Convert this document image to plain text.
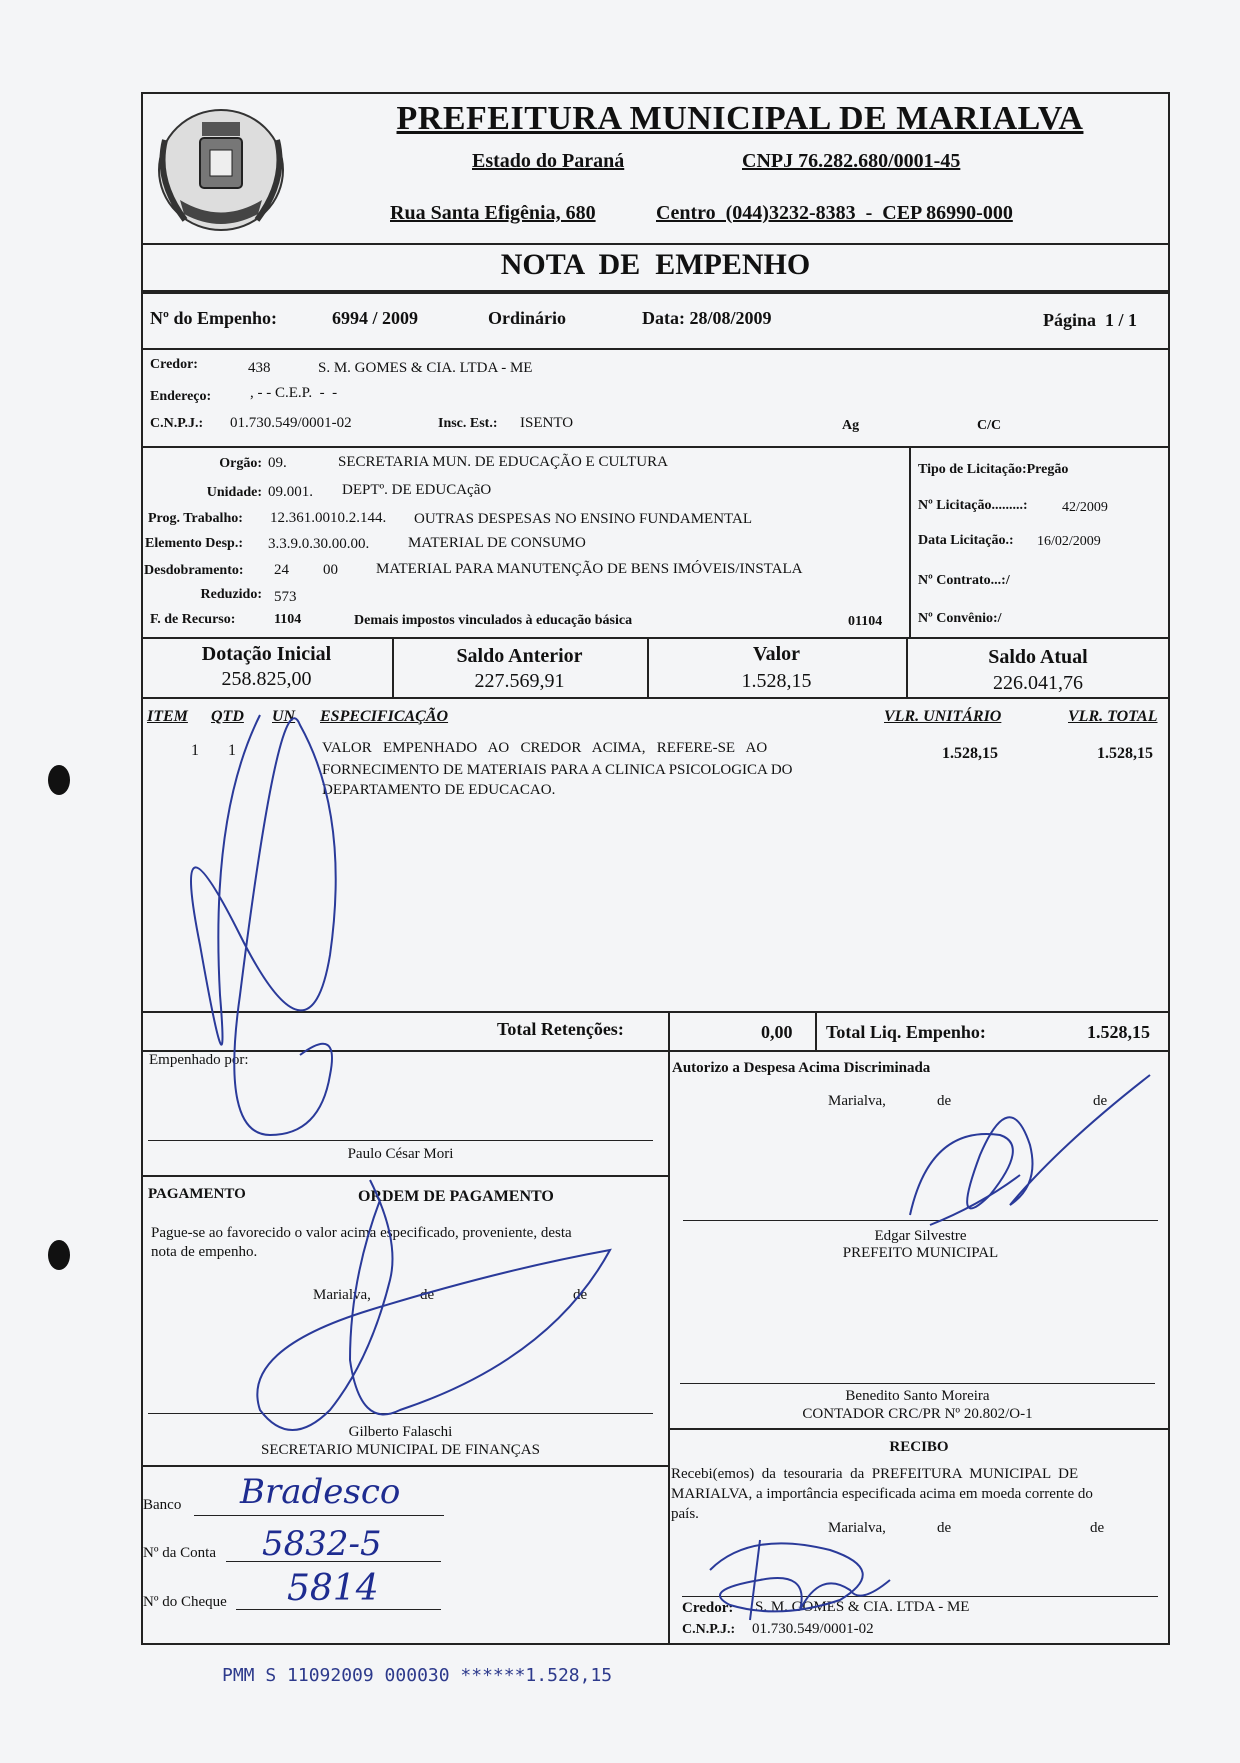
PREFEITURA MUNICIPAL DE MARIALVA
Estado do Paraná	CNPJ 76.282.680/0001-45
Rua Santa Efigênia, 680	Centro  (044)3232-8383  -  CEP 86990-000
NOTA  DE  EMPENHO
Nº do Empenho:	6994 / 2009	Ordinário	Data: 28/08/2009	Página  1 / 1
Credor:	438	S. M. GOMES & CIA. LTDA - ME
Endereço:	, - - C.E.P.  -  -
C.N.P.J.: 01.730.549/0001-02	Insc. Est.: ISENTO	Ag	C/C
Orgão: 09.	SECRETARIA MUN. DE EDUCAÇÃO E CULTURA
Unidade: 09.001. DEPTº. DE EDUCAçãO
Prog. Trabalho: 12.361.0010.2.144. OUTRAS DESPESAS NO ENSINO FUNDAMENTAL
Elemento Desp.: 3.3.9.0.30.00.00.	MATERIAL DE CONSUMO
Desdobramento: 24 00	MATERIAL PARA MANUTENÇÃO DE BENS IMÓVEIS/INSTALA
Reduzido: 573
F. de Recurso:	1104	Demais impostos vinculados à educação básica	01104
Tipo de Licitação:Pregão
Nº Licitação.........: 42/2009
Data Licitação.: 16/02/2009
Nº Contrato...:/
Nº Convênio:/
Dotação Inicial
258.825,00
Saldo Anterior
227.569,91
Valor
1.528,15
Saldo Atual
226.041,76
ITEM QTD UN ESPECIFICAÇÃO	VLR. UNITÁRIO	VLR. TOTAL
1 1	VALOR   EMPENHADO   AO   CREDOR   ACIMA,   REFERE-SE   AO
FORNECIMENTO DE MATERIAIS PARA A CLINICA PSICOLOGICA DO
DEPARTAMENTO DE EDUCACAO.
1.528,15	1.528,15
Total Retenções:	0,00 Total Liq. Empenho:	1.528,15
Empenhado por:
Paulo César Mori
Autorizo a Despesa Acima Discriminada
Marialva,	de	de
Edgar Silvestre
PREFEITO MUNICIPAL
PAGAMENTO	ORDEM DE PAGAMENTO
Pague-se ao favorecido o valor acima especificado, proveniente, desta
nota de empenho.
Marialva,	de	de
Gilberto Falaschi
SECRETARIO MUNICIPAL DE FINANÇAS
Benedito Santo Moreira
CONTADOR CRC/PR Nº 20.802/O-1
Banco Bradesco
Nº da Conta 5832-5
Nº do Cheque 5814
RECIBO
Recebi(emos)  da  tesouraria  da  PREFEITURA  MUNICIPAL  DE
MARIALVA, a importância especificada acima em moeda corrente do
país.
Marialva,	de	de
Credor: S. M. GOMES & CIA. LTDA - ME
C.N.P.J.: 01.730.549/0001-02
PMM S 11092009 000030 ******1.528,15
